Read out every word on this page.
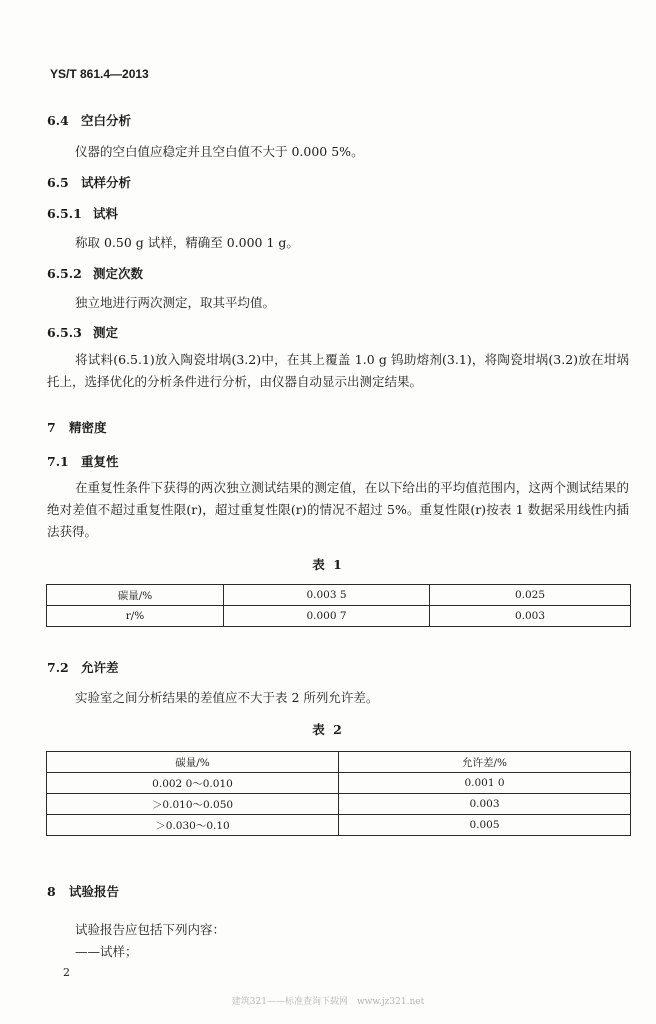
YS/T 861.4—2013
6.4 空白分析

仪器的空白值应稳定并且空白值不大于 0.000 5%。

6.5 试样分析
6.5.1 试料

称取 0.50 g 试样，精确至 0.000 1 g。

6.5.2 测定次数

独立地进行两次测定，取其平均值。

6.5.3 测定

将试料(6.5.1)放入陶瓷坩埚(3.2)中，在其上覆盖 1.0 g 钨助熔剂(3.1)，将陶瓷坩埚(3.2)放在坩埚托上，选择优化的分析条件进行分析，由仪器自动显示出测定结果。

7 精密度
7.1 重复性

在重复性条件下获得的两次独立测试结果的测定值，在以下给出的平均值范围内，这两个测试结果的绝对差值不超过重复性限(r)，超过重复性限(r)的情况不超过 5%。重复性限(r)按表 1 数据采用线性内插法获得。

表 1
碳量/%	0.003 5	0.025
r/%	0.000 7	0.003
7.2 允许差

实验室之间分析结果的差值应不大于表 2 所列允许差。

表 2
碳量/%	允许差/%
0.002 0～0.010	0.001 0
＞0.010～0.050	0.003
＞0.030～0.10	0.005
8 试验报告

试验报告应包括下列内容：

——试样；

2
建筑321——标准查询下载网　www.jz321.net
